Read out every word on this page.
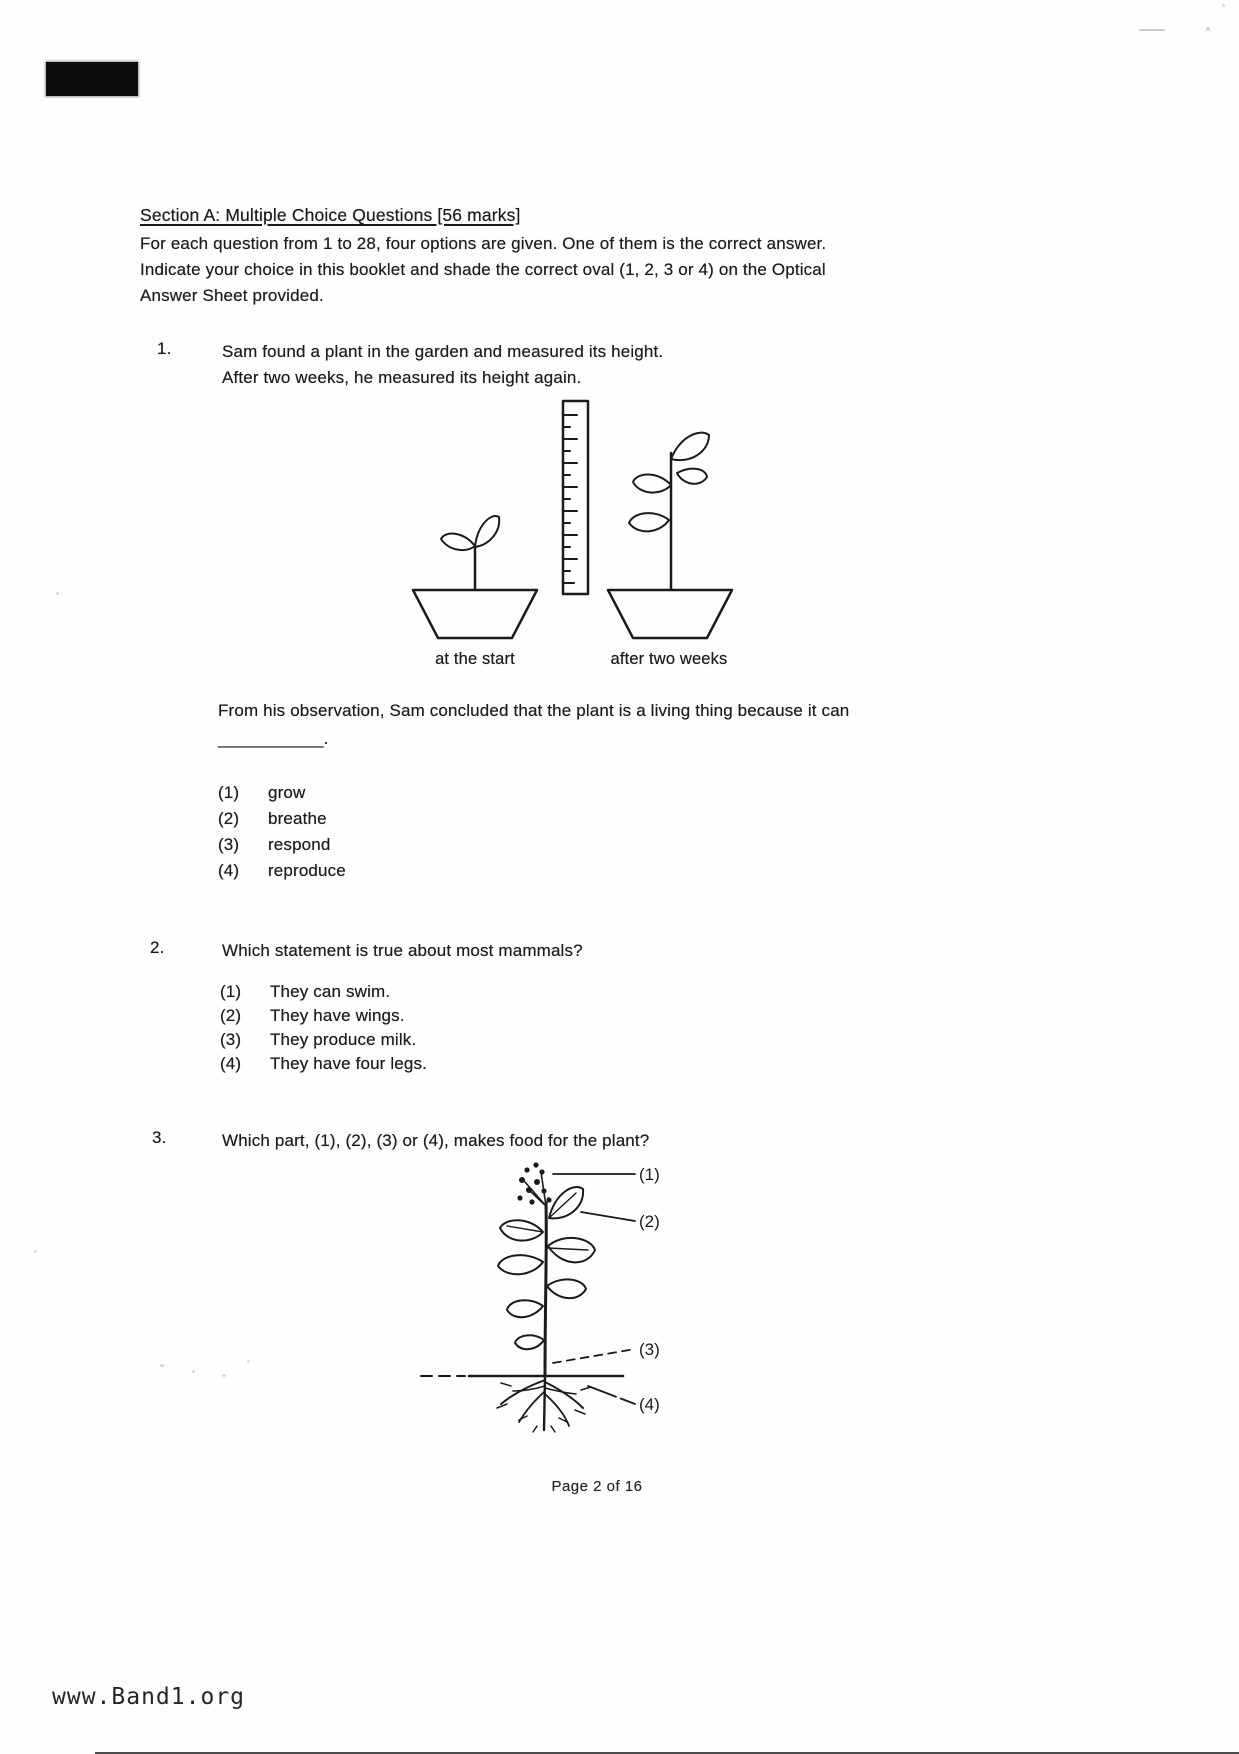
Section A: Multiple Choice Questions [56 marks]
For each question from 1 to 28, four options are given. One of them is the correct answer.
Indicate your choice in this booklet and shade the correct oval (1, 2, 3 or 4) on the Optical
Answer Sheet provided.
1.	Sam found a plant in the garden and measured its height.
After two weeks, he measured its height again.
at the start	after two weeks
From his observation, Sam concluded that the plant is a living thing because it can
___________.
(1) grow
(2) breathe
(3) respond
(4) reproduce
2.	Which statement is true about most mammals?
(1) They can swim.
(2) They have wings.
(3) They produce milk.
(4) They have four legs.
3.	Which part, (1), (2), (3) or (4), makes food for the plant?
(1)
(2)
(3)
(4)
Page 2 of 16
www.Band1.org
